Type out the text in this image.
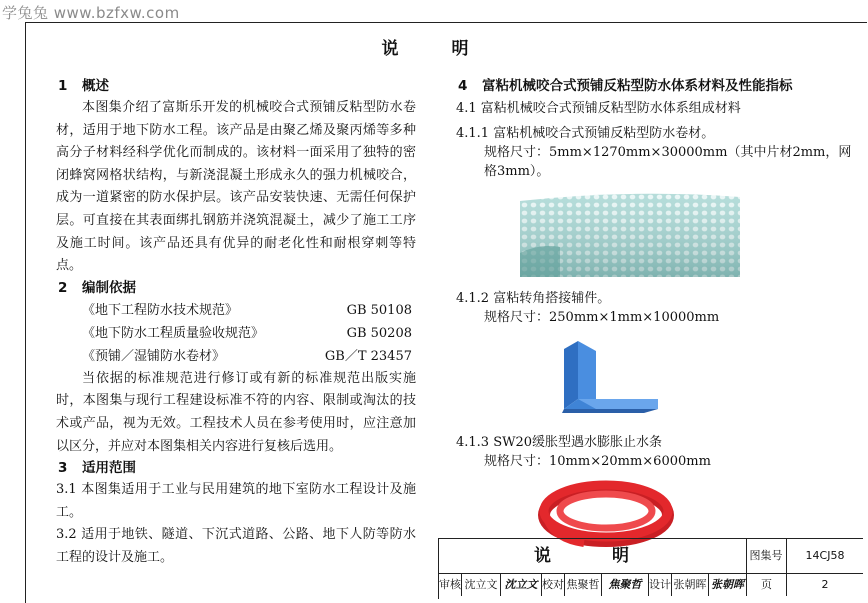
学兔兔 www.bzfxw.com
说　明
1 概述

本图集介绍了富斯乐开发的机械咬合式预铺反粘型防水卷材，适用于地下防水工程。该产品是由聚乙烯及聚丙烯等多种高分子材料经科学优化而制成的。该材料一面采用了独特的密闭蜂窝网格状结构，与新浇混凝土形成永久的强力机械咬合，成为一道紧密的防水保护层。该产品安装快速、无需任何保护层。可直接在其表面绑扎钢筋并浇筑混凝土，减少了施工工序及施工时间。该产品还具有优异的耐老化性和耐根穿刺等特点。

2 编制依据
《地下工程防水技术规范》	GB 50108
《地下防水工程质量验收规范》	GB 50208
《预铺／湿铺防水卷材》	GB／T 23457

当依据的标准规范进行修订或有新的标准规范出版实施时，本图集与现行工程建设标准不符的内容、限制或淘汰的技术或产品，视为无效。工程技术人员在参考使用时，应注意加以区分，并应对本图集相关内容进行复核后选用。

3 适用范围

3.1 本图集适用于工业与民用建筑的地下室防水工程设计及施工。

3.2 适用于地铁、隧道、下沉式道路、公路、地下人防等防水工程的设计及施工。

4 富粘机械咬合式预铺反粘型防水体系材料及性能指标

4.1 富粘机械咬合式预铺反粘型防水体系组成材料

4.1.1 富粘机械咬合式预铺反粘型防水卷材。

规格尺寸：5mm×1270mm×30000mm（其中片材2mm，网格3mm）。

4.1.2 富粘转角搭接辅件。

规格尺寸：250mm×1mm×10000mm

4.1.3 SW20缓胀型遇水膨胀止水条

规格尺寸：10mm×20mm×6000mm

说　明	图集号	14CJ58
审核 沈立文 沈立文 校对 焦聚哲 焦聚哲 设计 张朝晖 张朝晖	页	2
